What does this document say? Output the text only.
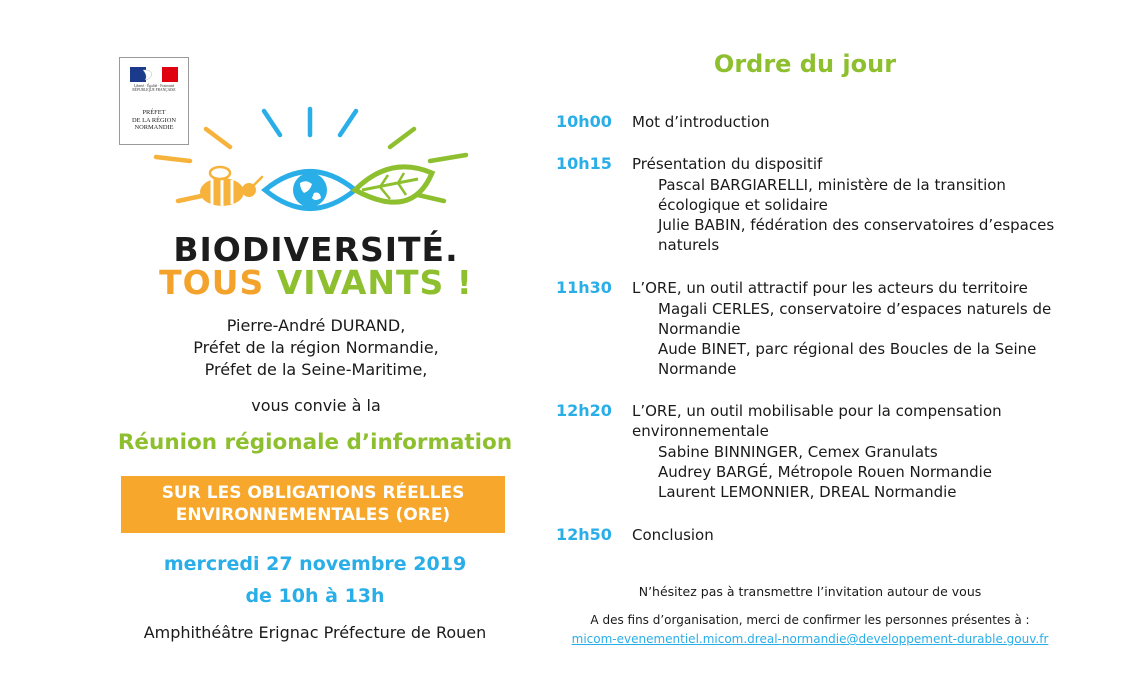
Liberté · Égalité · Fraternité
RÉPUBLIQUE FRANÇAISE
PRÉFET
DE LA RÉGION
NORMANDIE
BIODIVERSITÉ.
TOUS VIVANTS !
Pierre-André DURAND,
Préfet de la région Normandie,
Préfet de la Seine-Maritime,
vous convie à la
Réunion régionale d’information
SUR LES OBLIGATIONS RÉELLES
ENVIRONNEMENTALES (ORE)
mercredi 27 novembre 2019
de 10h à 13h
Amphithéâtre Erignac Préfecture de Rouen
Ordre du jour
10h00 Mot d’introduction
10h15 Présentation du dispositif
Pascal BARGIARELLI, ministère de la transition écologique et solidaire
Julie BABIN, fédération des conservatoires d’espaces naturels
11h30 L’ORE, un outil attractif pour les acteurs du territoire
Magali CERLES, conservatoire d’espaces naturels de Normandie
Aude BINET, parc régional des Boucles de la Seine Normande
12h20 L’ORE, un outil mobilisable pour la compensation environnementale
Sabine BINNINGER, Cemex Granulats
Audrey BARGÉ, Métropole Rouen Normandie
Laurent LEMONNIER, DREAL Normandie
12h50 Conclusion
N’hésitez pas à transmettre l’invitation autour de vous
A des fins d’organisation, merci de confirmer les personnes présentes à :
micom-evenementiel.micom.dreal-normandie@developpement-durable.gouv.fr
